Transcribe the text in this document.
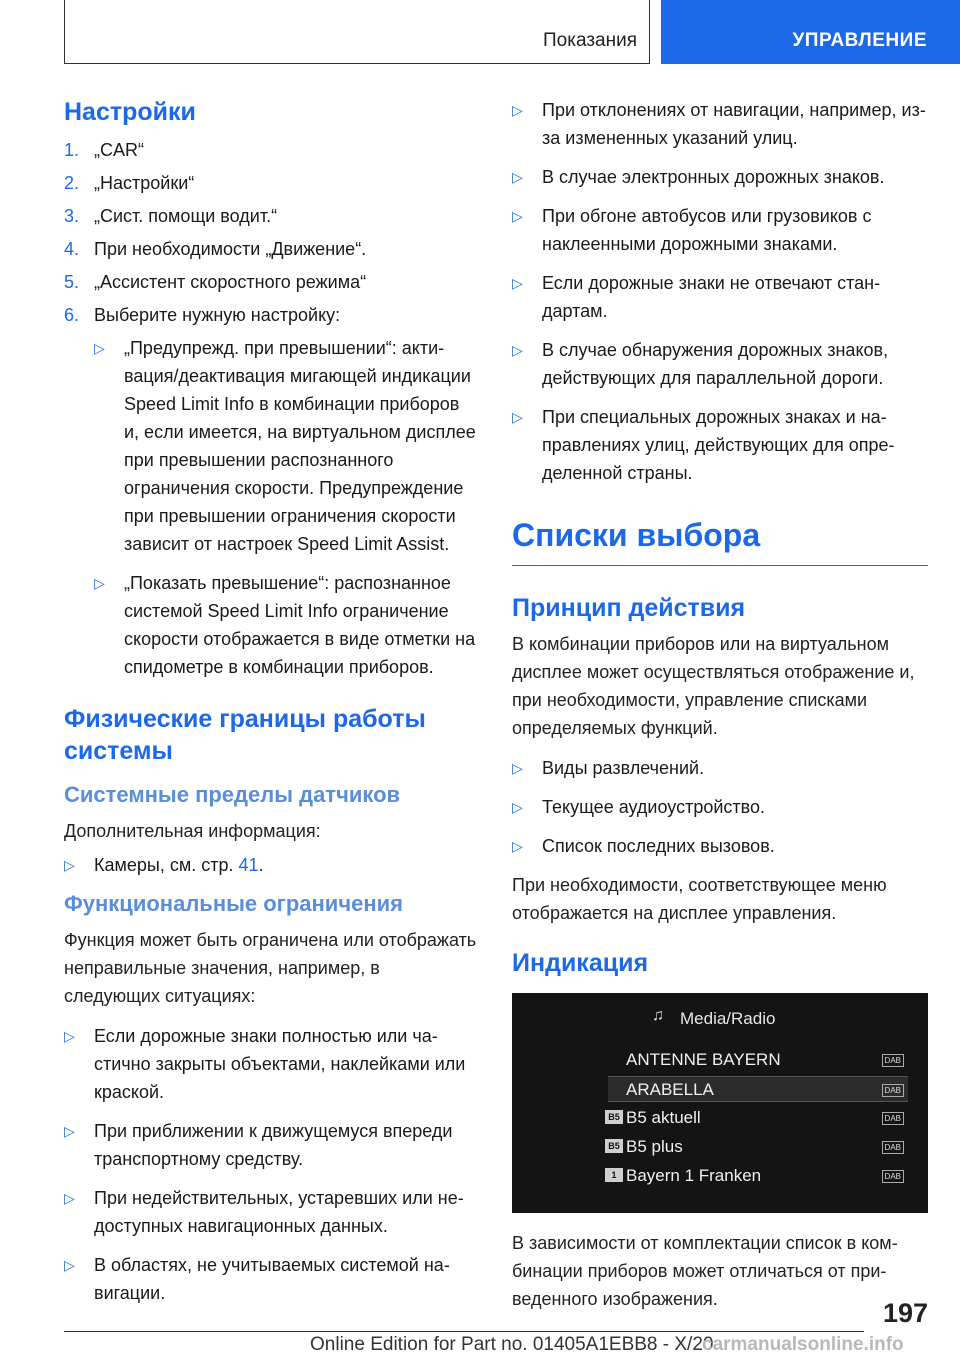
Показания	УПРАВЛЕНИЕ
Настройки
1. „CAR“
2. „Настройки“
3. „Сист. помощи водит.“
4. При необходимости „Движение“.
5. „Ассистент скоростного режима“
6. Выберите нужную настройку:
▷ „Предупрежд. при превышении“: активация/деактивация мигающей индикации Speed Limit Info в комбинации приборов и, если имеется, на виртуальном дисплее при превышении распознанного ограничения скорости. Предупреждение при превышении ограничения скорости зависит от настроек Speed Limit Assist.
▷ „Показать превышение“: распознанное системой Speed Limit Info ограничение скорости отображается в виде отметки на спидометре в комбинации приборов.
Физические границы работы системы
Системные пределы датчиков

Дополнительная информация:

▷ Камеры, см. стр. 41.
Функциональные ограничения

Функция может быть ограничена или отображать неправильные значения, например, в следующих ситуациях:

▷ Если дорожные знаки полностью или частично закрыты объектами, наклейками или краской.
▷ При приближении к движущемуся впереди транспортному средству.
▷ При недействительных, устаревших или недоступных навигационных данных.
▷ В областях, не учитываемых системой навигации.
▷ При отклонениях от навигации, например, из-за измененных указаний улиц.
▷ В случае электронных дорожных знаков.
▷ При обгоне автобусов или грузовиков с наклеенными дорожными знаками.
▷ Если дорожные знаки не отвечают стандартам.
▷ В случае обнаружения дорожных знаков, действующих для параллельной дороги.
▷ При специальных дорожных знаках и направлениях улиц, действующих для определенной страны.
Списки выбора
Принцип действия

В комбинации приборов или на виртуальном дисплее может осуществляться отображение и, при необходимости, управление списками определяемых функций.

▷ Виды развлечений.
▷ Текущее аудиоустройство.
▷ Список последних вызовов.

При необходимости, соответствующее меню отображается на дисплее управления.

Индикация
♫ Media/Radio
ANTENNE BAYERN	DAB
ARABELLA	DAB
B5 B5 aktuell	DAB
B5 B5 plus	DAB
1 Bayern 1 Franken	DAB

В зависимости от комплектации список в комбинации приборов может отличаться от приведенного изображения.	197
Online Edition for Part no. 01405A1EBB8 - X/20
carmanualsonline.info
